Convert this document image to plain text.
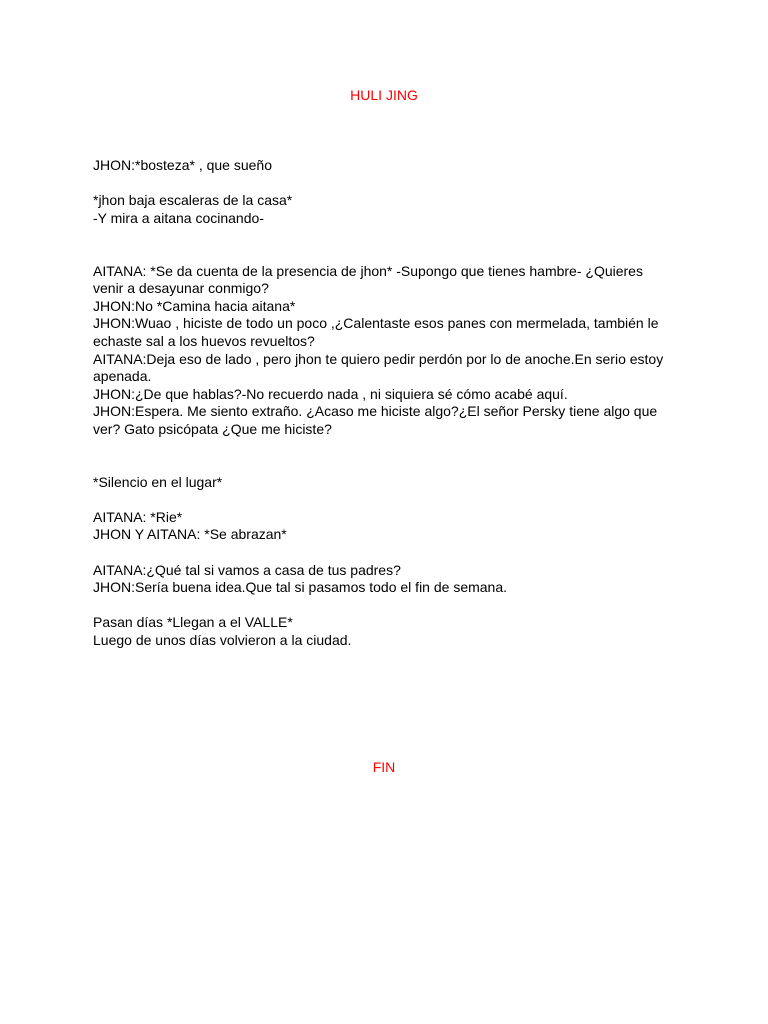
HULI JING
JHON:*bosteza* , que sueño
*jhon baja escaleras de la casa*
-Y mira a aitana cocinando-
AITANA: *Se da cuenta de la presencia de jhon* -Supongo que tienes hambre- ¿Quieres
venir a desayunar conmigo?
JHON:No *Camina hacia aitana*
JHON:Wuao , hiciste de todo un poco ,¿Calentaste esos panes con mermelada, también le
echaste sal a los huevos revueltos?
AITANA:Deja eso de lado , pero jhon te quiero pedir perdón por lo de anoche.En serio estoy
apenada.
JHON:¿De que hablas?-No recuerdo nada , ni siquiera sé cómo acabé aquí.
JHON:Espera. Me siento extraño. ¿Acaso me hiciste algo?¿El señor Persky tiene algo que
ver? Gato psicópata ¿Que me hiciste?
*Silencio en el lugar*
AITANA: *Rie*
JHON Y AITANA: *Se abrazan*
AITANA:¿Qué tal si vamos a casa de tus padres?
JHON:Sería buena idea.Que tal si pasamos todo el fin de semana.
Pasan días *Llegan a el VALLE*
Luego de unos días volvieron a la ciudad.
FIN
